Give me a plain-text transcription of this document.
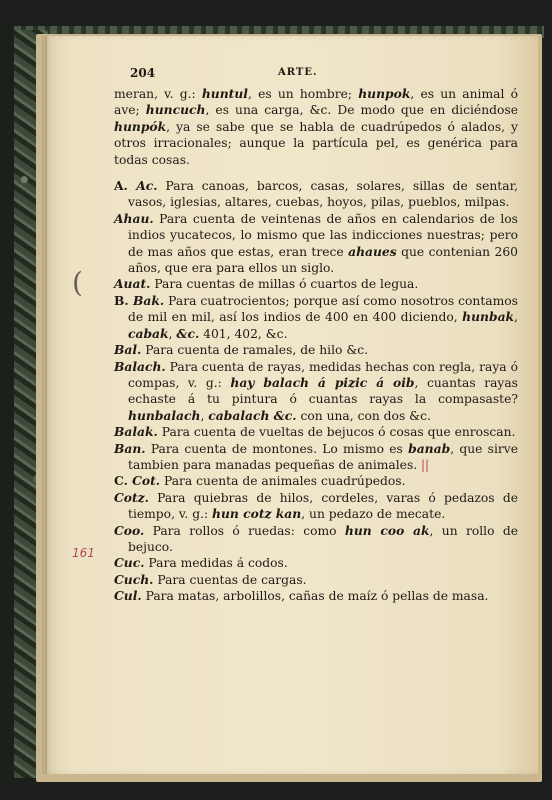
204	ARTE.
(
161

meran, v. g.: huntul, es un hombre; hunpok, es un animal ó ave; huncuch, es una carga, &c. De modo que en diciéndose hunpók, ya se sabe que se habla de cuadrúpedos ó alados, y otros irracionales; aunque la partícula pel, es genérica para todas cosas.

A. Ac. Para canoas, barcos, casas, solares, sillas de sentar, vasos, iglesias, altares, cuebas, hoyos, pilas, pueblos, milpas.

Ahau. Para cuenta de veintenas de años en calendarios de los indios yucatecos, lo mismo que las indicciones nuestras; pero de mas años que estas, eran trece ahaues que contenian 260 años, que era para ellos un siglo.

Auat. Para cuentas de millas ó cuartos de legua.

B. Bak. Para cuatrocientos; porque así como nosotros contamos de mil en mil, así los indios de 400 en 400 diciendo, hunbak, cabak, &c. 401, 402, &c.

Bal. Para cuenta de ramales, de hilo &c.

Balach. Para cuenta de rayas, medidas hechas con regla, raya ó compas, v. g.: hay balach á pizic á oib, cuantas rayas echaste á tu pintura ó cuantas rayas la compasaste? hunbalach, cabalach &c. con una, con dos &c.

Balak. Para cuenta de vueltas de bejucos ó cosas que enroscan.

Ban. Para cuenta de montones. Lo mismo es banab, que sirve tambien para manadas pequeñas de animales. ||

C. Cot. Para cuenta de animales cuadrúpedos.

Cotz. Para quiebras de hilos, cordeles, varas ó pedazos de tiempo, v. g.: hun cotz kan, un pedazo de mecate.

Coo. Para rollos ó ruedas: como hun coo ak, un rollo de bejuco.

Cuc. Para medidas á codos.

Cuch. Para cuentas de cargas.

Cul. Para matas, arbolillos, cañas de maíz ó pellas de masa.
